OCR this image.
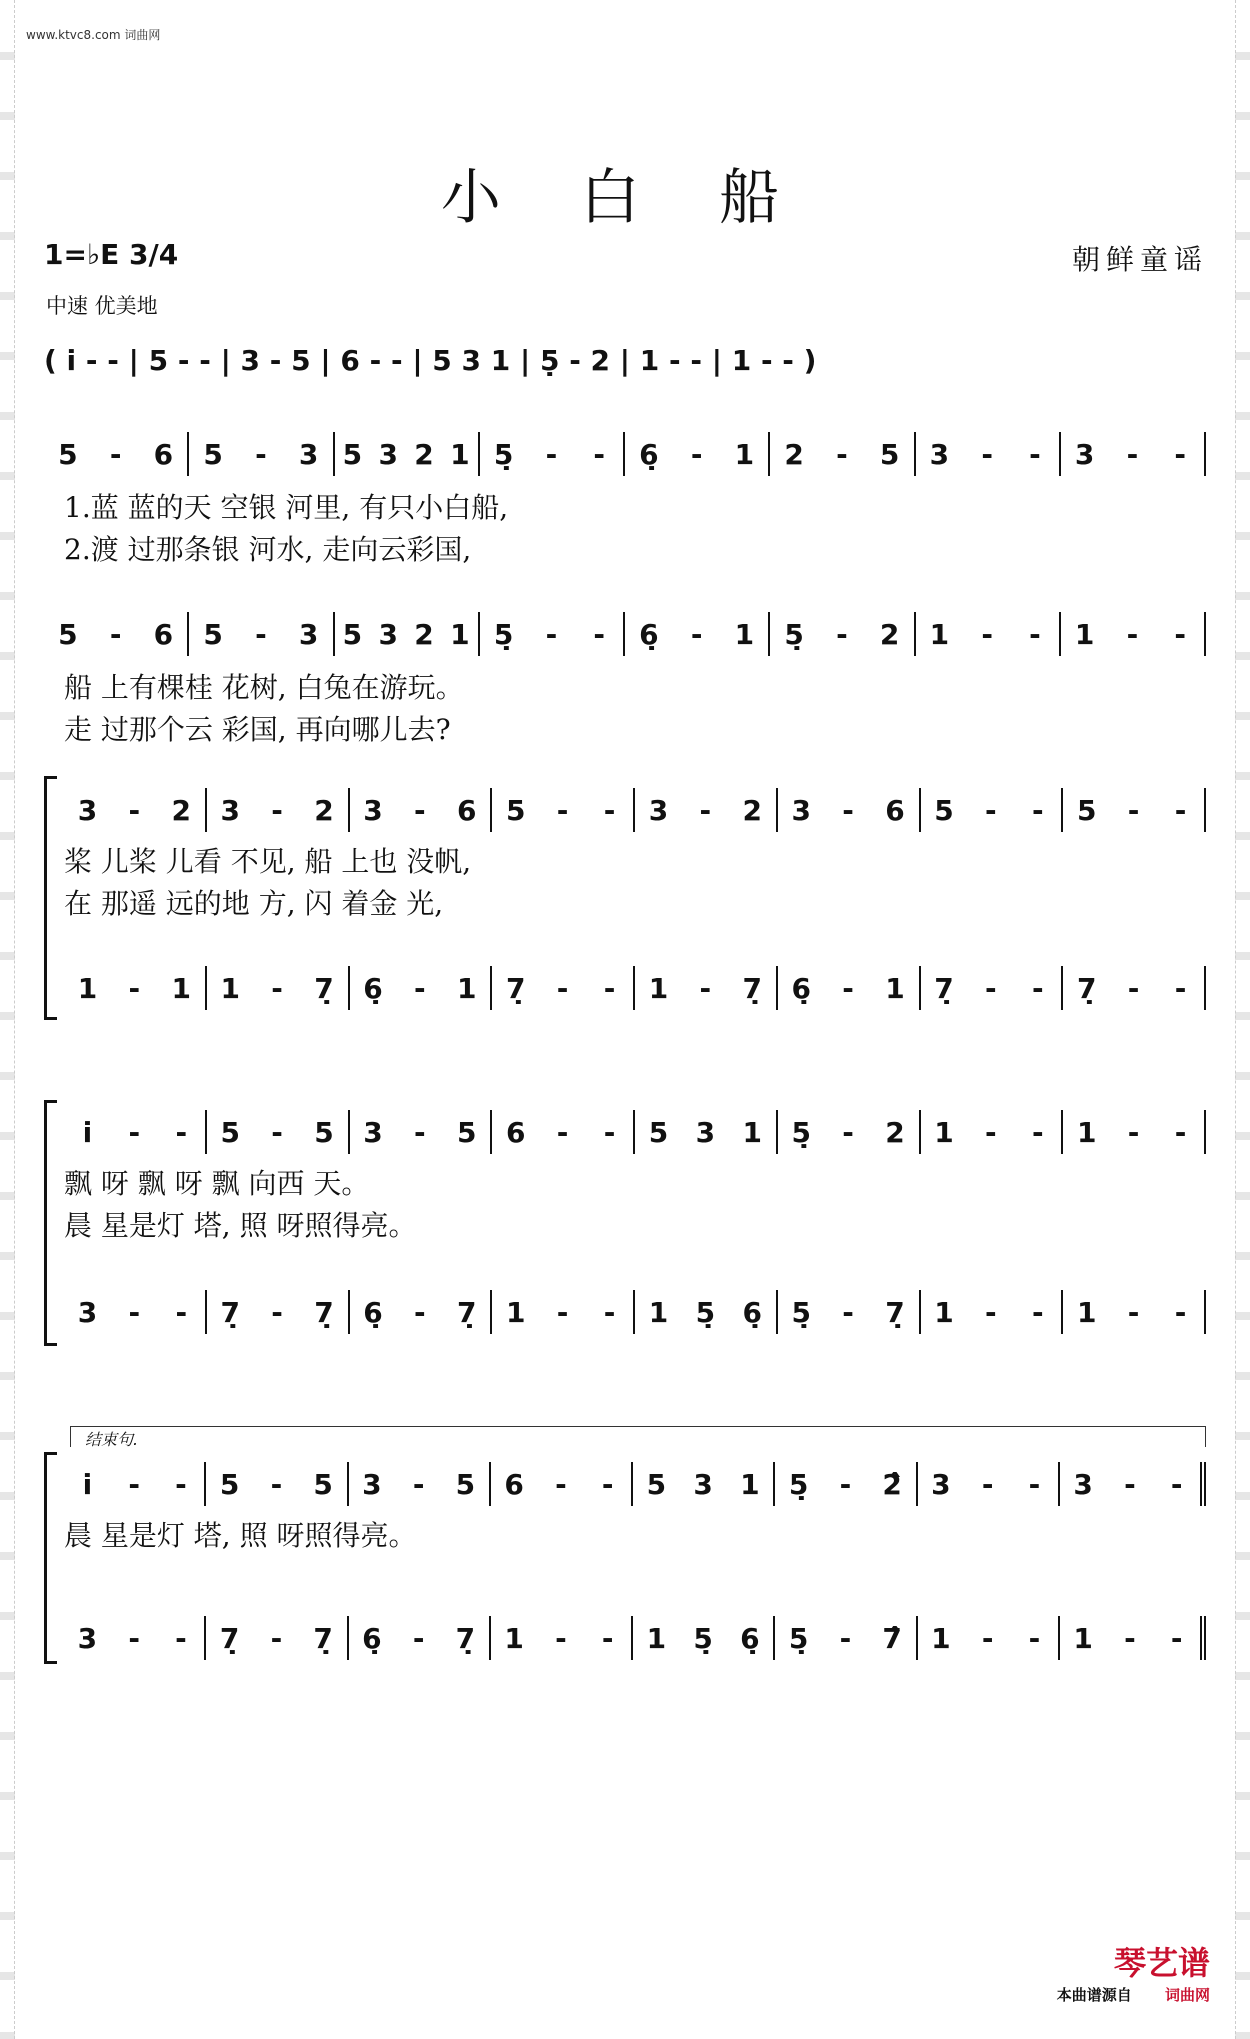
www.ktvc8.com 词曲网
小 白 船
1=♭E 3/4	朝鲜童谣
中速 优美地
( i̇ - - | 5 - - | 3 - 5 | 6 - - | 5 3 1 | 5̣ - 2 | 1 - - | 1 - - )
5 - 6 5 - 3 5 3 2 1 5̣ - - 6̣ - 1 2 - 5 3 - - 3 - -
1.蓝 蓝的天 空银 河里, 有只小白船,
2.渡 过那条银 河水, 走向云彩国,
5 - 6 5 - 3 5 3 2 1 5̣ - - 6̣ - 1 5̣ - 2 1 - - 1 - -
船 上有棵桂 花树, 白兔在游玩。
走 过那个云 彩国, 再向哪儿去?
3 - 2 3 - 2 3 - 6 5 - - 3 - 2 3 - 6 5 - - 5 - -
桨 儿桨 儿看 不见, 船 上也 没帆,
在 那遥 远的地 方, 闪 着金 光,
1 - 1 1 - 7̣ 6̣ - 1 7̣ - - 1 - 7̣ 6̣ - 1 7̣ - - 7̣ - -
i̇ - - 5 - 5 3 - 5 6 - - 5 3 1 5̣ - 2 1 - - 1 - -
飘 呀 飘 呀 飘 向西 天。
晨 星是灯 塔, 照 呀照得亮。
3 - - 7̣ - 7̣ 6̣ - 7̣ 1 - - 1 5̣ 6̣ 5̣ - 7̣ 1 - - 1 - -
结束句.
i̇ - - 5 - 5 3 - 5 6 - - 5 3 1 5̣ - 2̂ 3 - - 3 - -
晨 星是灯 塔, 照 呀照得亮。
3 - - 7̣ - 7̣ 6̣ - 7̣ 1 - - 1 5̣ 6̣ 5̣ - 7̂ 1 - - 1 - -
琴艺谱
本曲谱源自 词曲网
